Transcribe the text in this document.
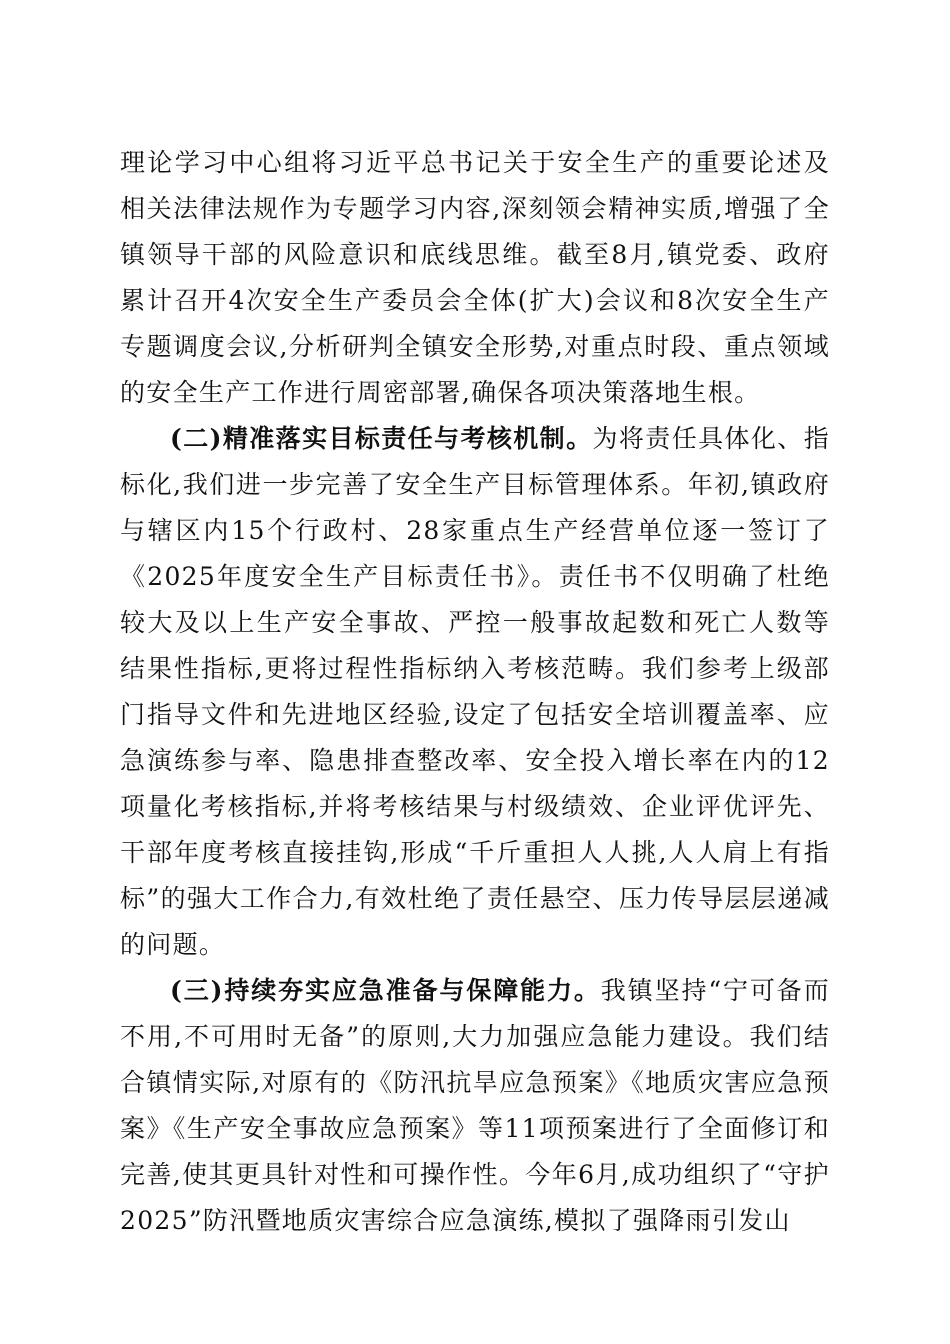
理论学习中心组将习近平总书记关于安全生产的重要论述及相关法律法规作为专题学习内容,深刻领会精神实质,增强了全镇领导干部的风险意识和底线思维。截至8月,镇党委、政府累计召开4次安全生产委员会全体(扩大)会议和8次安全生产专题调度会议,分析研判全镇安全形势,对重点时段、重点领域的安全生产工作进行周密部署,确保各项决策落地生根。

(二)精准落实目标责任与考核机制。为将责任具体化、指标化,我们进一步完善了安全生产目标管理体系。年初,镇政府与辖区内15个行政村、28家重点生产经营单位逐一签订了《2025年度安全生产目标责任书》。责任书不仅明确了杜绝较大及以上生产安全事故、严控一般事故起数和死亡人数等结果性指标,更将过程性指标纳入考核范畴。我们参考上级部门指导文件和先进地区经验,设定了包括安全培训覆盖率、应急演练参与率、隐患排查整改率、安全投入增长率在内的12项量化考核指标,并将考核结果与村级绩效、企业评优评先、干部年度考核直接挂钩,形成“千斤重担人人挑,人人肩上有指标”的强大工作合力,有效杜绝了责任悬空、压力传导层层递减的问题。

(三)持续夯实应急准备与保障能力。我镇坚持“宁可备而不用,不可用时无备”的原则,大力加强应急能力建设。我们结合镇情实际,对原有的《防汛抗旱应急预案》《地质灾害应急预案》《生产安全事故应急预案》等11项预案进行了全面修订和完善,使其更具针对性和可操作性。今年6月,成功组织了“守护2025”防汛暨地质灾害综合应急演练,模拟了强降雨引发山
